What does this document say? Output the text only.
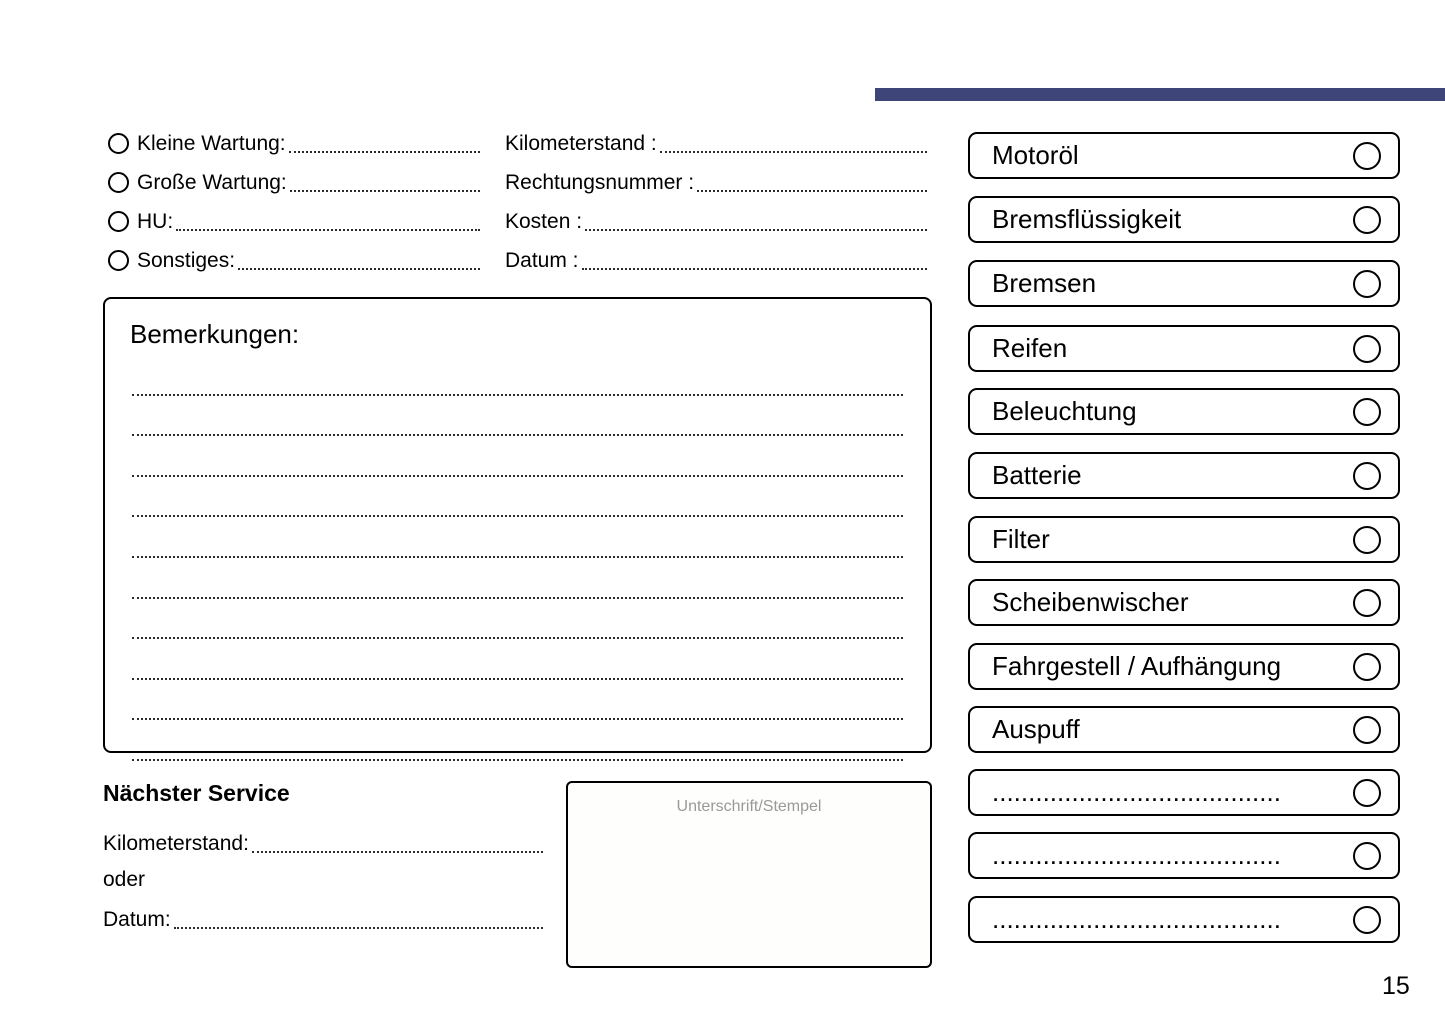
Kleine Wartung:
Große Wartung:
HU:
Sonstiges:
Kilometerstand :
Rechtungsnummer :
Kosten :
Datum :
Bemerkungen:
Nächster Service
Kilometerstand:
oder
Datum:
Unterschrift/Stempel
Motoröl
Bremsflüssigkeit
Bremsen
Reifen
Beleuchtung
Batterie
Filter
Scheibenwischer
Fahrgestell / Aufhängung
Auspuff
........................................
........................................
........................................
15
